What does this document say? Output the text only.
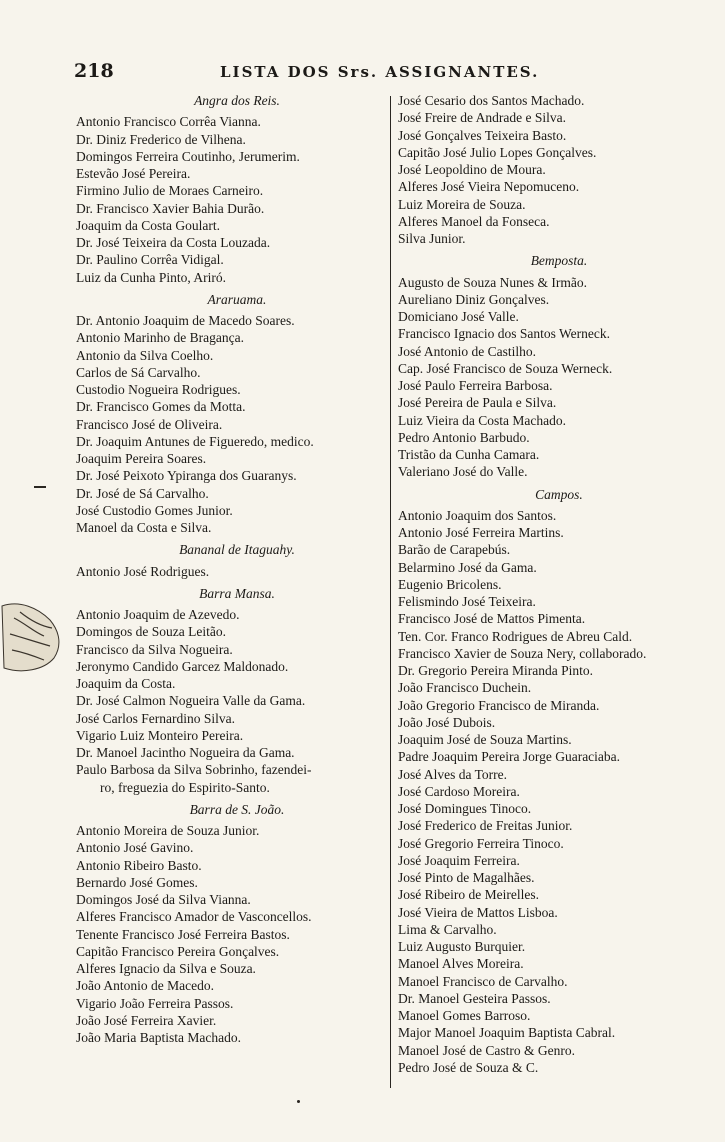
218	LISTA DOS Srs. ASSIGNANTES.
Angra dos Reis.
Antonio Francisco Corrêa Vianna.
Dr. Diniz Frederico de Vilhena.
Domingos Ferreira Coutinho, Jerumerim.
Estevão José Pereira.
Firmino Julio de Moraes Carneiro.
Dr. Francisco Xavier Bahia Durão.
Joaquim da Costa Goulart.
Dr. José Teixeira da Costa Louzada.
Dr. Paulino Corrêa Vidigal.
Luiz da Cunha Pinto, Ariró.
Araruama.
Dr. Antonio Joaquim de Macedo Soares.
Antonio Marinho de Bragança.
Antonio da Silva Coelho.
Carlos de Sá Carvalho.
Custodio Nogueira Rodrigues.
Dr. Francisco Gomes da Motta.
Francisco José de Oliveira.
Dr. Joaquim Antunes de Figueredo, medico.
Joaquim Pereira Soares.
Dr. José Peixoto Ypiranga dos Guaranys.
Dr. José de Sá Carvalho.
José Custodio Gomes Junior.
Manoel da Costa e Silva.
Bananal de Itaguahy.
Antonio José Rodrigues.
Barra Mansa.
Antonio Joaquim de Azevedo.
Domingos de Souza Leitão.
Francisco da Silva Nogueira.
Jeronymo Candido Garcez Maldonado.
Joaquim da Costa.
Dr. José Calmon Nogueira Valle da Gama.
José Carlos Fernardino Silva.
Vigario Luiz Monteiro Pereira.
Dr. Manoel Jacintho Nogueira da Gama.
Paulo Barbosa da Silva Sobrinho, fazendei-
ro, freguezia do Espirito-Santo.
Barra de S. João.
Antonio Moreira de Souza Junior.
Antonio José Gavino.
Antonio Ribeiro Basto.
Bernardo José Gomes.
Domingos José da Silva Vianna.
Alferes Francisco Amador de Vasconcellos.
Tenente Francisco José Ferreira Bastos.
Capitão Francisco Pereira Gonçalves.
Alferes Ignacio da Silva e Souza.
João Antonio de Macedo.
Vigario João Ferreira Passos.
João José Ferreira Xavier.
João Maria Baptista Machado.
José Cesario dos Santos Machado.
José Freire de Andrade e Silva.
José Gonçalves Teixeira Basto.
Capitão José Julio Lopes Gonçalves.
José Leopoldino de Moura.
Alferes José Vieira Nepomuceno.
Luiz Moreira de Souza.
Alferes Manoel da Fonseca.
Silva Junior.
Bemposta.
Augusto de Souza Nunes & Irmão.
Aureliano Diniz Gonçalves.
Domiciano José Valle.
Francisco Ignacio dos Santos Werneck.
José Antonio de Castilho.
Cap. José Francisco de Souza Werneck.
José Paulo Ferreira Barbosa.
José Pereira de Paula e Silva.
Luiz Vieira da Costa Machado.
Pedro Antonio Barbudo.
Tristão da Cunha Camara.
Valeriano José do Valle.
Campos.
Antonio Joaquim dos Santos.
Antonio José Ferreira Martins.
Barão de Carapebús.
Belarmino José da Gama.
Eugenio Bricolens.
Felismindo José Teixeira.
Francisco José de Mattos Pimenta.
Ten. Cor. Franco Rodrigues de Abreu Cald.
Francisco Xavier de Souza Nery, collaborado.
Dr. Gregorio Pereira Miranda Pinto.
João Francisco Duchein.
João Gregorio Francisco de Miranda.
João José Dubois.
Joaquim José de Souza Martins.
Padre Joaquim Pereira Jorge Guaraciaba.
José Alves da Torre.
José Cardoso Moreira.
José Domingues Tinoco.
José Frederico de Freitas Junior.
José Gregorio Ferreira Tinoco.
José Joaquim Ferreira.
José Pinto de Magalhães.
José Ribeiro de Meirelles.
José Vieira de Mattos Lisboa.
Lima & Carvalho.
Luiz Augusto Burquier.
Manoel Alves Moreira.
Manoel Francisco de Carvalho.
Dr. Manoel Gesteira Passos.
Manoel Gomes Barroso.
Major Manoel Joaquim Baptista Cabral.
Manoel José de Castro & Genro.
Pedro José de Souza & C.
